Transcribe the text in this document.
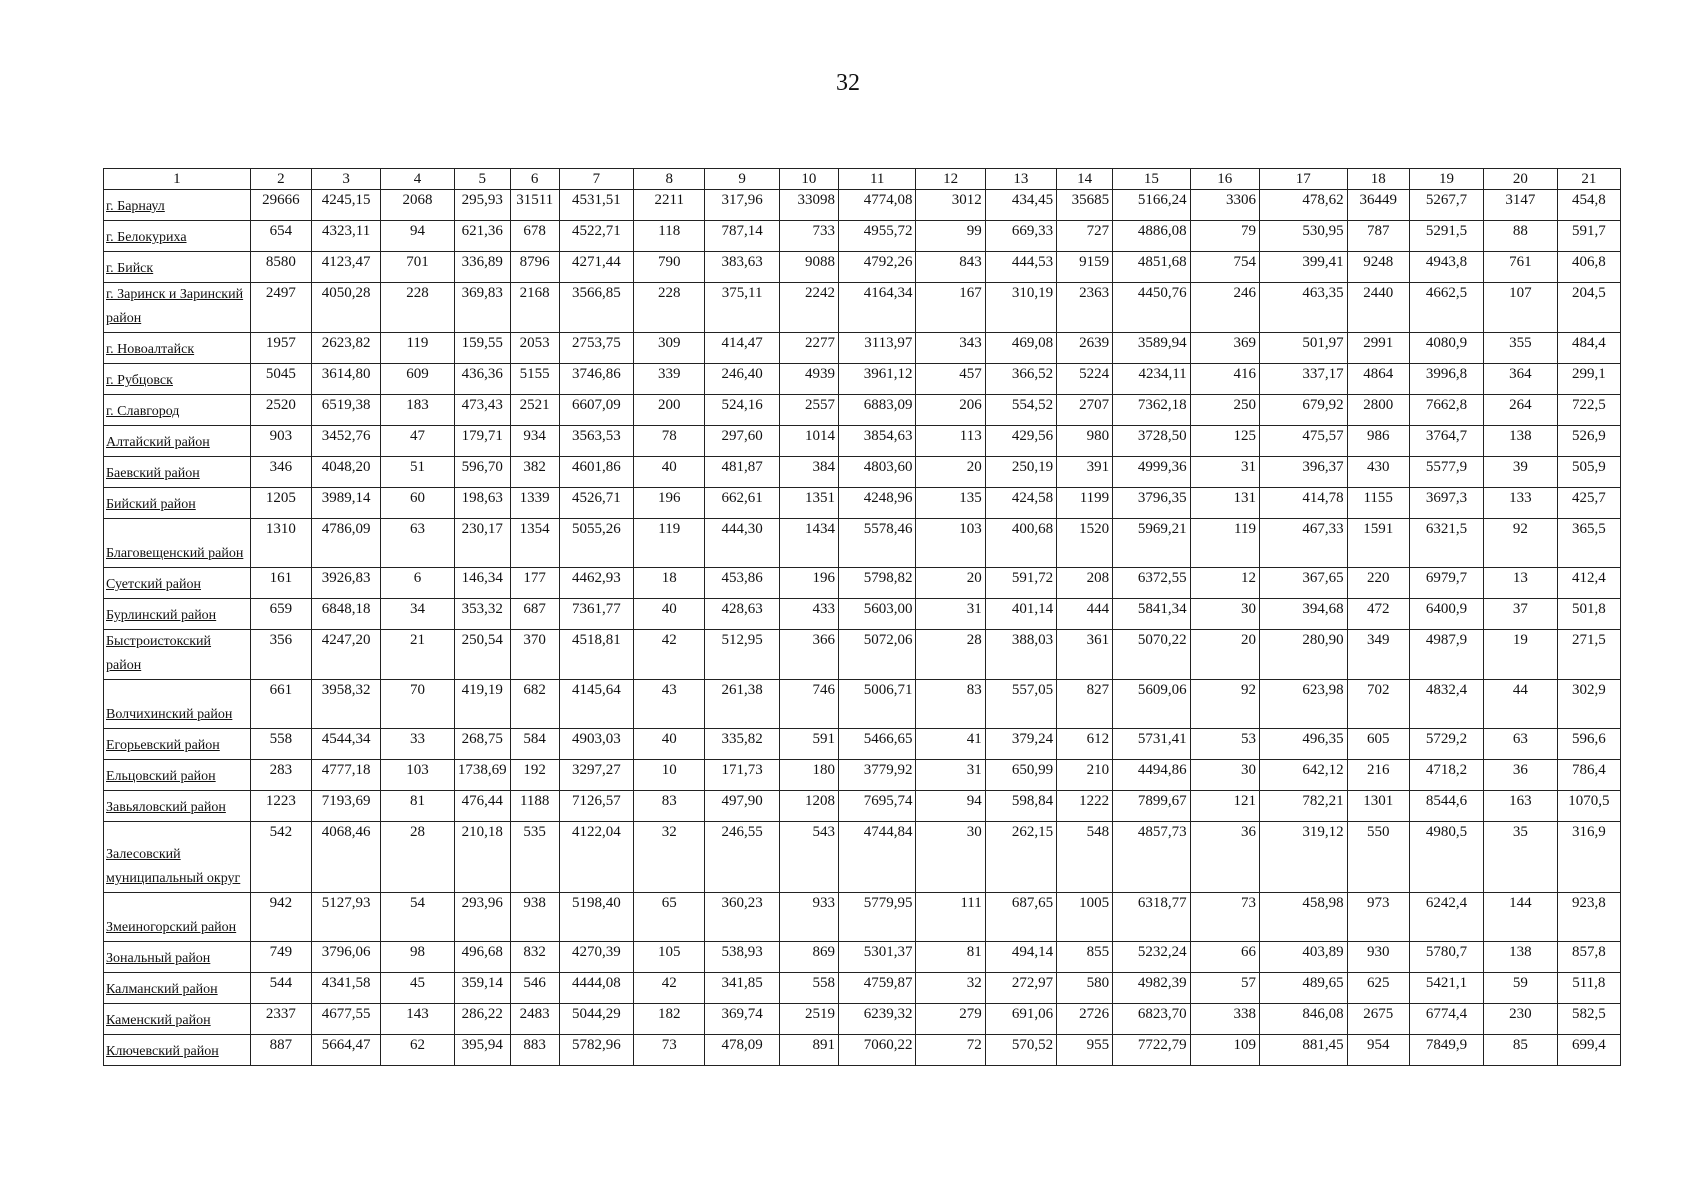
32
1	2	3	4	5	6	7	8	9	10	11	12	13	14	15	16	17	18	19	20	21
г. Барнаул	29666	4245,15	2068	295,93	31511	4531,51	2211	317,96	33098	4774,08	3012	434,45	35685	5166,24	3306	478,62	36449	5267,7	3147	454,8
г. Белокуриха	654	4323,11	94	621,36	678	4522,71	118	787,14	733	4955,72	99	669,33	727	4886,08	79	530,95	787	5291,5	88	591,7
г. Бийск	8580	4123,47	701	336,89	8796	4271,44	790	383,63	9088	4792,26	843	444,53	9159	4851,68	754	399,41	9248	4943,8	761	406,8
г. Заринск и Заринский район	2497	4050,28	228	369,83	2168	3566,85	228	375,11	2242	4164,34	167	310,19	2363	4450,76	246	463,35	2440	4662,5	107	204,5
г. Новоалтайск	1957	2623,82	119	159,55	2053	2753,75	309	414,47	2277	3113,97	343	469,08	2639	3589,94	369	501,97	2991	4080,9	355	484,4
г. Рубцовск	5045	3614,80	609	436,36	5155	3746,86	339	246,40	4939	3961,12	457	366,52	5224	4234,11	416	337,17	4864	3996,8	364	299,1
г. Славгород	2520	6519,38	183	473,43	2521	6607,09	200	524,16	2557	6883,09	206	554,52	2707	7362,18	250	679,92	2800	7662,8	264	722,5
Алтайский район	903	3452,76	47	179,71	934	3563,53	78	297,60	1014	3854,63	113	429,56	980	3728,50	125	475,57	986	3764,7	138	526,9
Баевский район	346	4048,20	51	596,70	382	4601,86	40	481,87	384	4803,60	20	250,19	391	4999,36	31	396,37	430	5577,9	39	505,9
Бийский район	1205	3989,14	60	198,63	1339	4526,71	196	662,61	1351	4248,96	135	424,58	1199	3796,35	131	414,78	1155	3697,3	133	425,7
Благовещенский район	1310	4786,09	63	230,17	1354	5055,26	119	444,30	1434	5578,46	103	400,68	1520	5969,21	119	467,33	1591	6321,5	92	365,5
Суетский район	161	3926,83	6	146,34	177	4462,93	18	453,86	196	5798,82	20	591,72	208	6372,55	12	367,65	220	6979,7	13	412,4
Бурлинский район	659	6848,18	34	353,32	687	7361,77	40	428,63	433	5603,00	31	401,14	444	5841,34	30	394,68	472	6400,9	37	501,8
Быстроистокский район	356	4247,20	21	250,54	370	4518,81	42	512,95	366	5072,06	28	388,03	361	5070,22	20	280,90	349	4987,9	19	271,5
Волчихинский район	661	3958,32	70	419,19	682	4145,64	43	261,38	746	5006,71	83	557,05	827	5609,06	92	623,98	702	4832,4	44	302,9
Егорьевский район	558	4544,34	33	268,75	584	4903,03	40	335,82	591	5466,65	41	379,24	612	5731,41	53	496,35	605	5729,2	63	596,6
Ельцовский район	283	4777,18	103	1738,69	192	3297,27	10	171,73	180	3779,92	31	650,99	210	4494,86	30	642,12	216	4718,2	36	786,4
Завьяловский район	1223	7193,69	81	476,44	1188	7126,57	83	497,90	1208	7695,74	94	598,84	1222	7899,67	121	782,21	1301	8544,6	163	1070,5
Залесовский муниципальный округ	542	4068,46	28	210,18	535	4122,04	32	246,55	543	4744,84	30	262,15	548	4857,73	36	319,12	550	4980,5	35	316,9
Змеиногорский район	942	5127,93	54	293,96	938	5198,40	65	360,23	933	5779,95	111	687,65	1005	6318,77	73	458,98	973	6242,4	144	923,8
Зональный район	749	3796,06	98	496,68	832	4270,39	105	538,93	869	5301,37	81	494,14	855	5232,24	66	403,89	930	5780,7	138	857,8
Калманский район	544	4341,58	45	359,14	546	4444,08	42	341,85	558	4759,87	32	272,97	580	4982,39	57	489,65	625	5421,1	59	511,8
Каменский район	2337	4677,55	143	286,22	2483	5044,29	182	369,74	2519	6239,32	279	691,06	2726	6823,70	338	846,08	2675	6774,4	230	582,5
Ключевский район	887	5664,47	62	395,94	883	5782,96	73	478,09	891	7060,22	72	570,52	955	7722,79	109	881,45	954	7849,9	85	699,4
